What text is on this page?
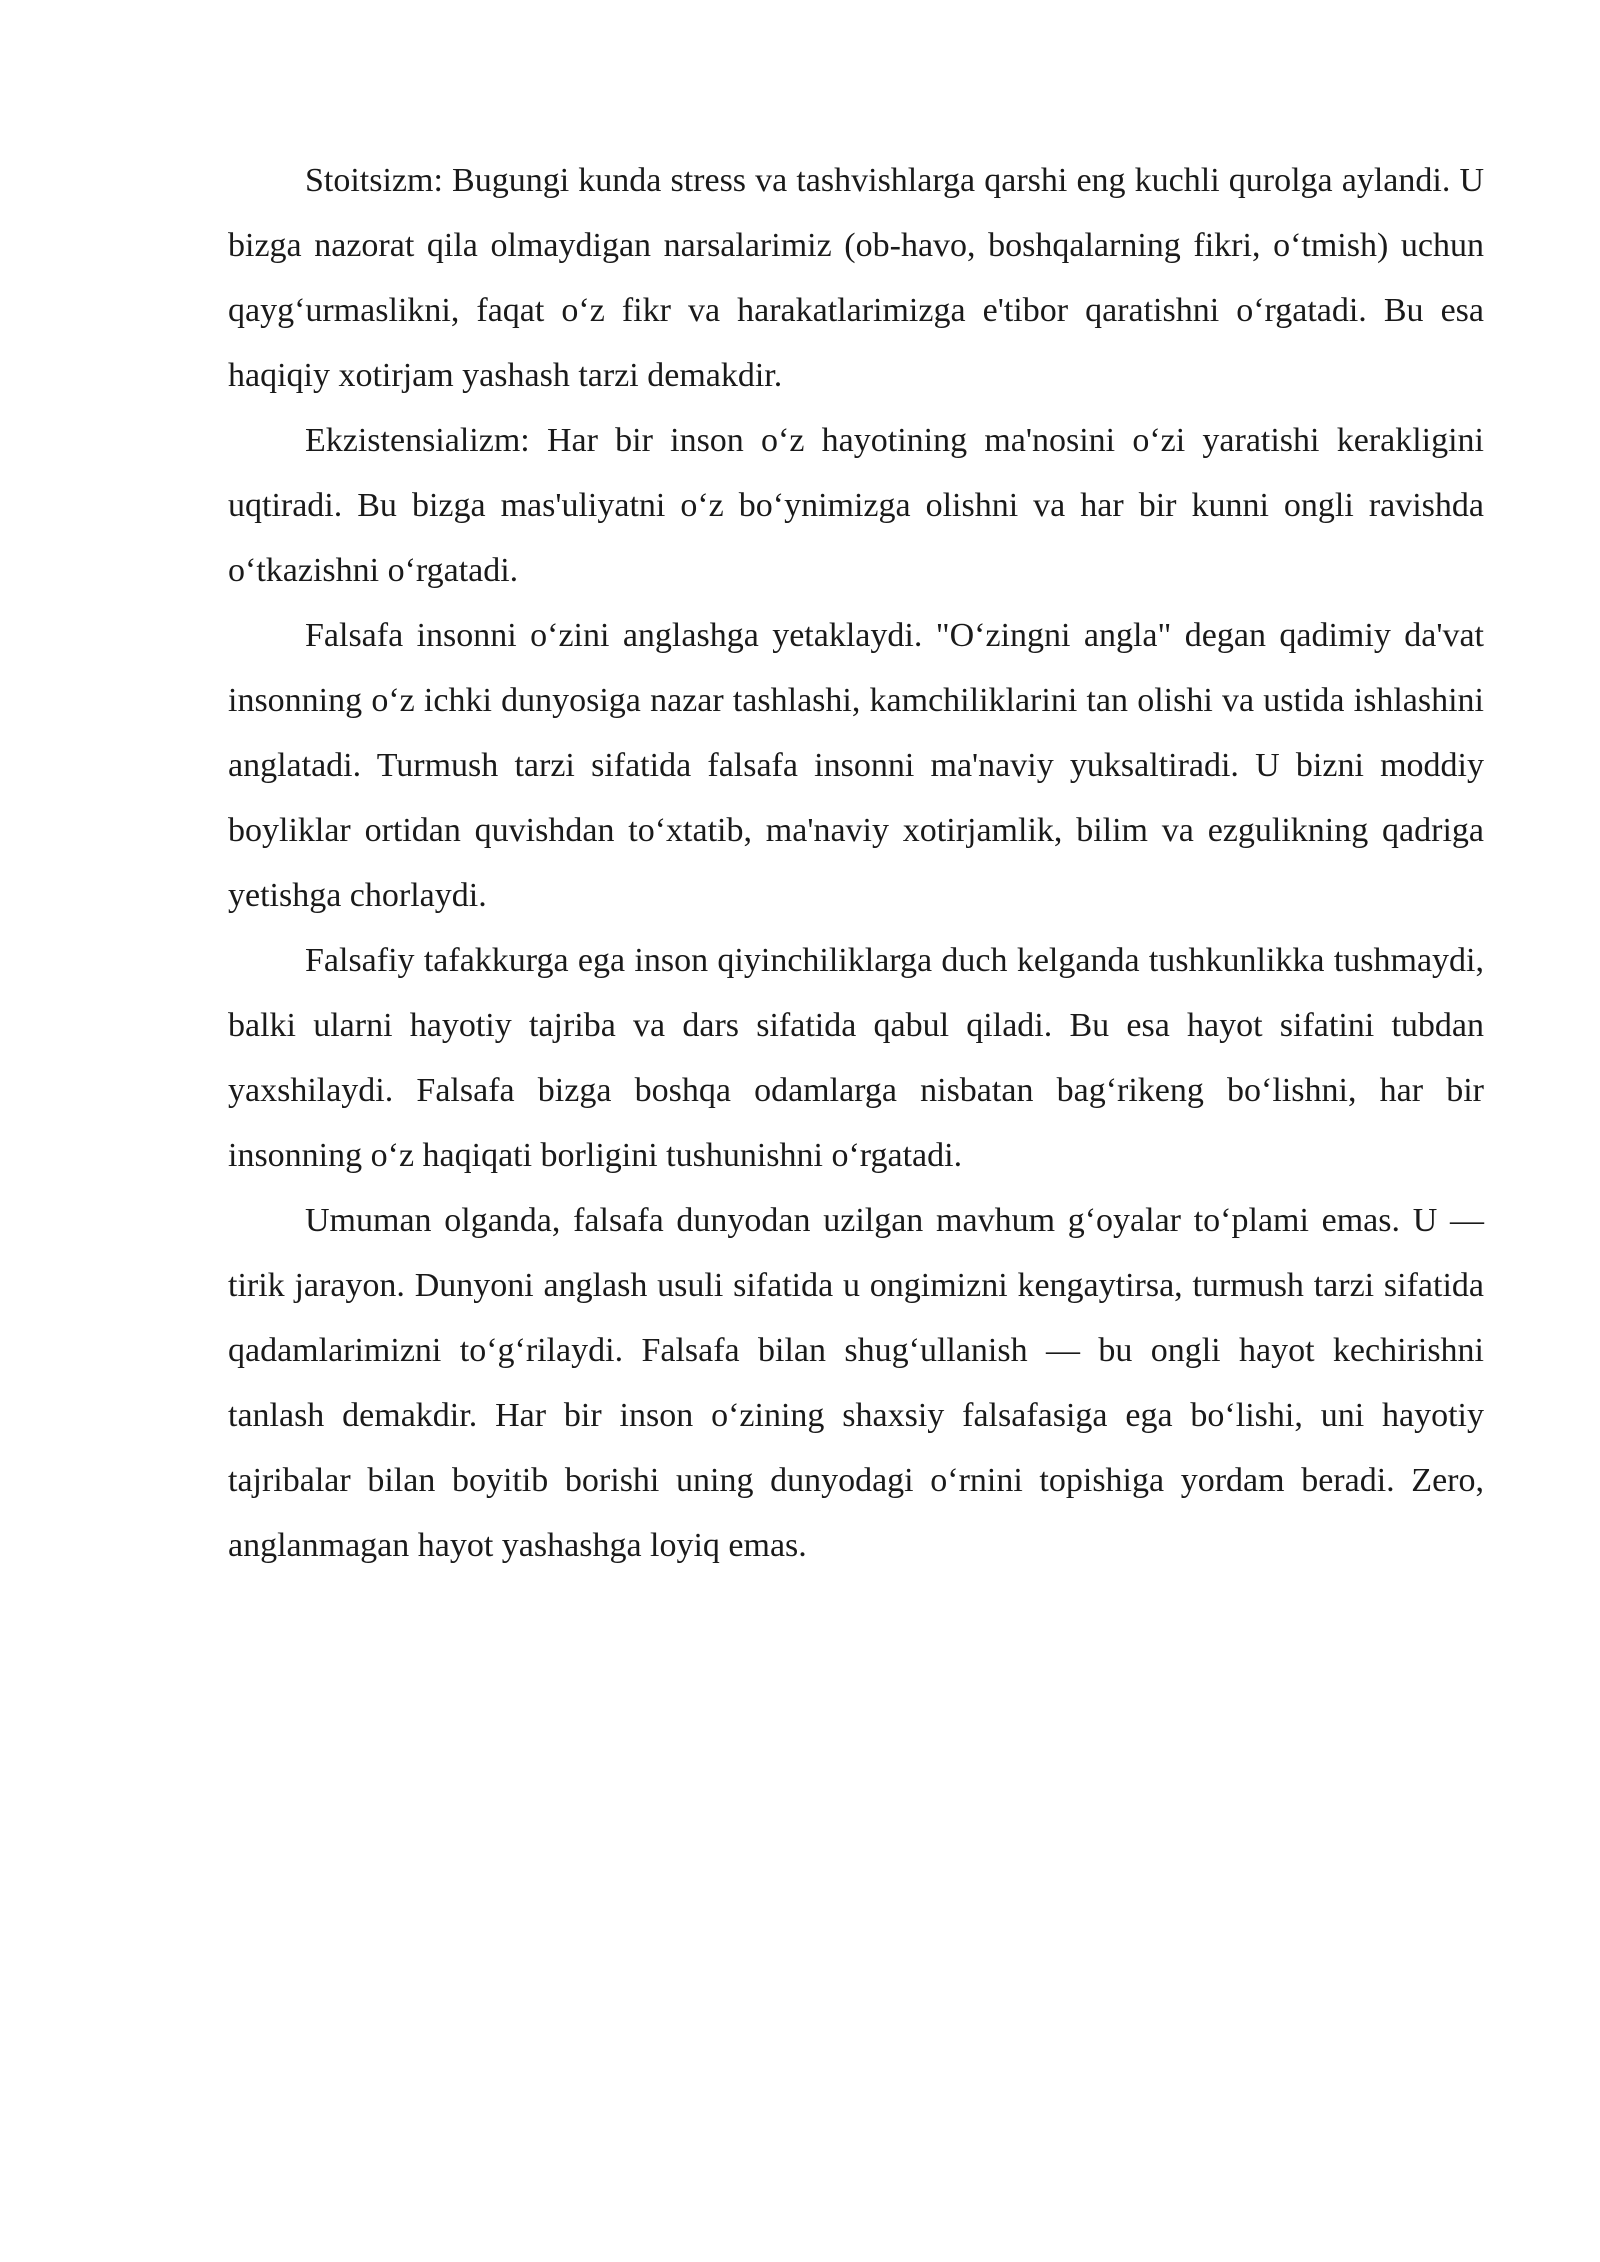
Stoitsizm: Bugungi kunda stress va tashvishlarga qarshi eng kuchli qurolga aylandi. U bizga nazorat qila olmaydigan narsalarimiz (ob-havo, boshqalarning fikri, o‘tmish) uchun qayg‘urmaslikni, faqat o‘z fikr va harakatlarimizga e'tibor qaratishni o‘rgatadi. Bu esa haqiqiy xotirjam yashash tarzi demakdir.

Ekzistensializm: Har bir inson o‘z hayotining ma'nosini o‘zi yaratishi kerakligini uqtiradi. Bu bizga mas'uliyatni o‘z bo‘ynimizga olishni va har bir kunni ongli ravishda o‘tkazishni o‘rgatadi.

Falsafa insonni o‘zini anglashga yetaklaydi. "O‘zingni angla" degan qadimiy da'vat insonning o‘z ichki dunyosiga nazar tashlashi, kamchiliklarini tan olishi va ustida ishlashini anglatadi. Turmush tarzi sifatida falsafa insonni ma'naviy yuksaltiradi. U bizni moddiy boyliklar ortidan quvishdan to‘xtatib, ma'naviy xotirjamlik, bilim va ezgulikning qadriga yetishga chorlaydi.

Falsafiy tafakkurga ega inson qiyinchiliklarga duch kelganda tushkunlikka tushmaydi, balki ularni hayotiy tajriba va dars sifatida qabul qiladi. Bu esa hayot sifatini tubdan yaxshilaydi. Falsafa bizga boshqa odamlarga nisbatan bag‘rikeng bo‘lishni, har bir insonning o‘z haqiqati borligini tushunishni o‘rgatadi.

Umuman olganda, falsafa dunyodan uzilgan mavhum g‘oyalar to‘plami emas. U — tirik jarayon. Dunyoni anglash usuli sifatida u ongimizni kengaytirsa, turmush tarzi sifatida qadamlarimizni to‘g‘rilaydi. Falsafa bilan shug‘ullanish — bu ongli hayot kechirishni tanlash demakdir. Har bir inson o‘zining shaxsiy falsafasiga ega bo‘lishi, uni hayotiy tajribalar bilan boyitib borishi uning dunyodagi o‘rnini topishiga yordam beradi. Zero, anglanmagan hayot yashashga loyiq emas.
